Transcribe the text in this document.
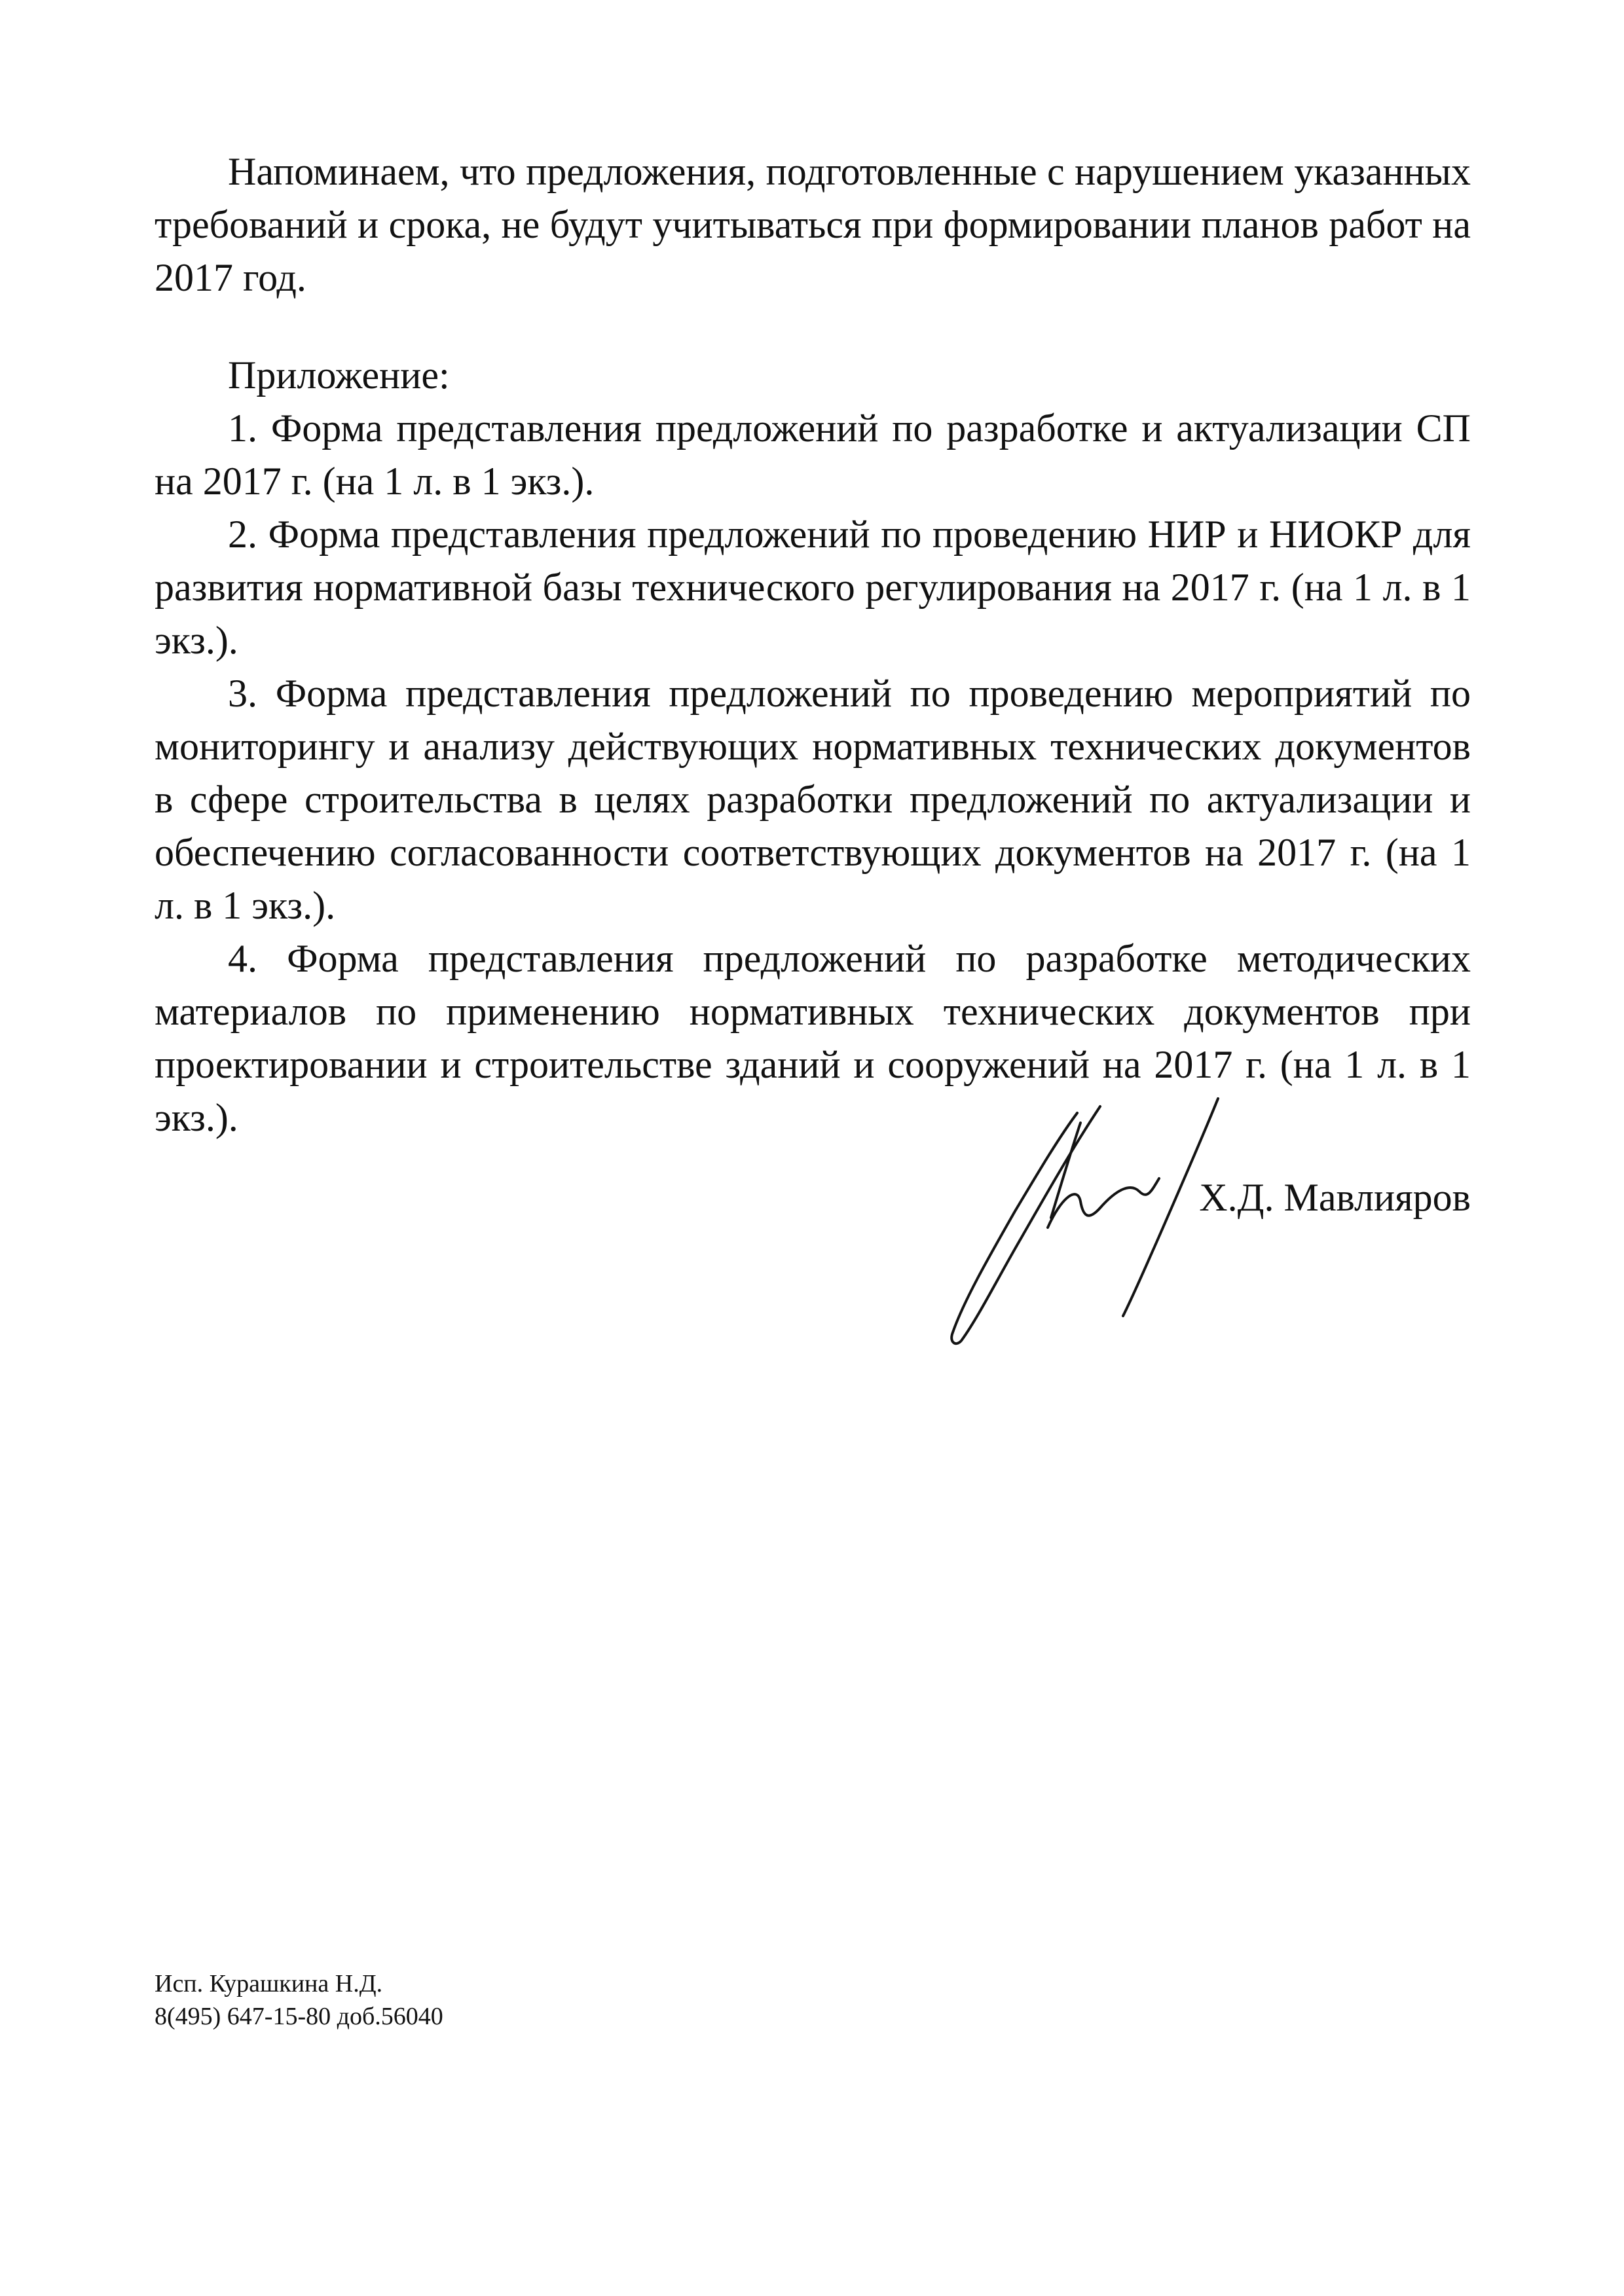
Напоминаем, что предложения, подготовленные с нарушением указанных требований и срока, не будут учитываться при формировании планов работ на 2017 год.

Приложение:

1. Форма представления предложений по разработке и актуализации СП на 2017 г. (на 1 л. в 1 экз.).

2. Форма представления предложений по проведению НИР и НИОКР для развития нормативной базы технического регулирования на 2017 г. (на 1 л. в 1 экз.).

3. Форма представления предложений по проведению мероприятий по мониторингу и анализу действующих нормативных технических документов в сфере строительства в целях разработки предложений по актуализации и обеспечению согласованности соответствующих документов на 2017 г. (на 1 л. в 1 экз.).

4. Форма представления предложений по разработке методических материалов по применению нормативных технических документов при проектировании и строительстве зданий и сооружений на 2017 г. (на 1 л. в 1 экз.).

Х.Д. Мавлияров
Исп. Курашкина Н.Д.
8(495) 647-15-80 доб.56040
